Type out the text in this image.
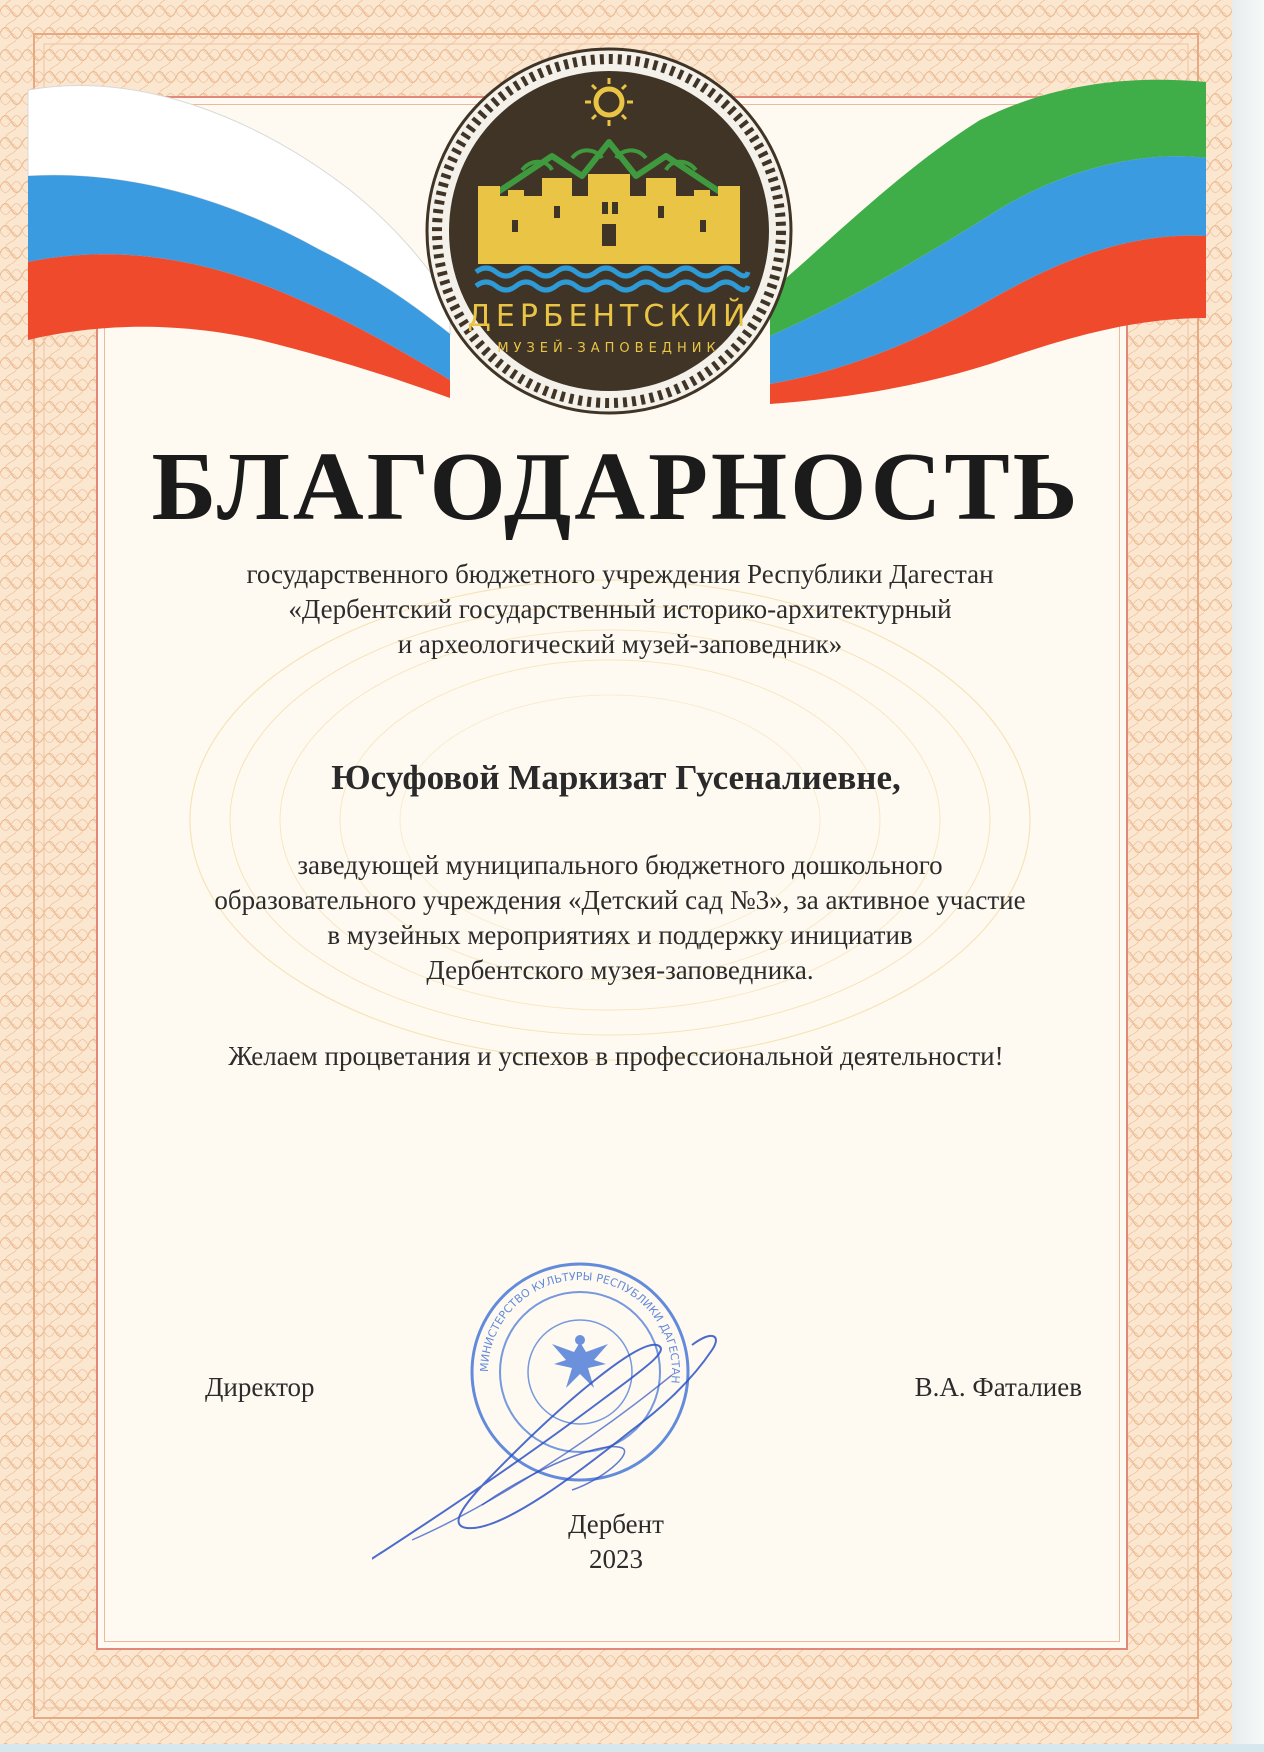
ДЕРБЕНТСКИЙ
МУЗЕЙ-ЗАПОВЕДНИК
БЛАГОДАРНОСТЬ
государственного бюджетного учреждения Республики Дагестан
«Дербентский государственный историко-архитектурный
и археологический музей-заповедник»
Юсуфовой Маркизат Гусеналиевне,
заведующей муниципального бюджетного дошкольного
образовательного учреждения «Детский сад №3», за активное участие
в музейных мероприятиях и поддержку инициатив
Дербентского музея-заповедника.
Желаем процветания и успехов в профессиональной деятельности!
МИНИСТЕРСТВО КУЛЬТУРЫ РЕСПУБЛИКИ ДАГЕСТАН
Директор	В.А. Фаталиев
Дербент
2023
